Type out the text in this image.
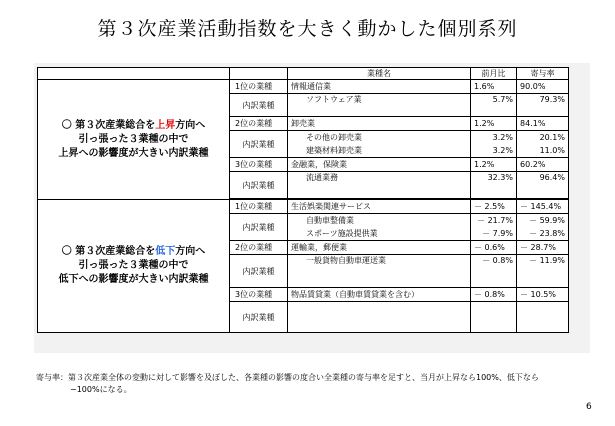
第３次産業活動指数を大きく動かした個別系列
		業種名	前月比	寄与率
〇 第３次産業総合を上昇方向へ
引っ張った３業種の中で
上昇への影響度が大きい内訳業種	1位の業種	情報通信業	1.6%	90.0%
	内訳業種	ソフトウェア業	5.7%	79.3%
	2位の業種	卸売業	1.2%	84.1%
	内訳業種	その他の卸売業	3.2%	20.1%
		建築材料卸売業	3.2%	11.0%
	3位の業種	金融業，保険業	1.2%	60.2%
	内訳業種	流通業務	32.3%	96.4%

〇 第３次産業総合を低下方向へ
引っ張った３業種の中で
低下への影響度が大きい内訳業種	1位の業種	生活娯楽関連サービス	－ 2.5%	－ 145.4%
	内訳業種	自動車整備業	－ 21.7%	－ 59.9%
		スポーツ施設提供業	－ 7.9%	－ 23.8%
	2位の業種	運輸業，郵便業	－ 0.6%	－ 28.7%
	内訳業種	一般貨物自動車運送業	－ 0.8%	－ 11.9%
	3位の業種	物品賃貸業（自動車賃貸業を含む）	－ 0.8%	－ 10.5%
	内訳業種			
寄与率：第３次産業全体の変動に対して影響を及ぼした、各業種の影響の度合い全業種の寄与率を足すと、当月が上昇なら100%、低下なら
−100%になる。
6
